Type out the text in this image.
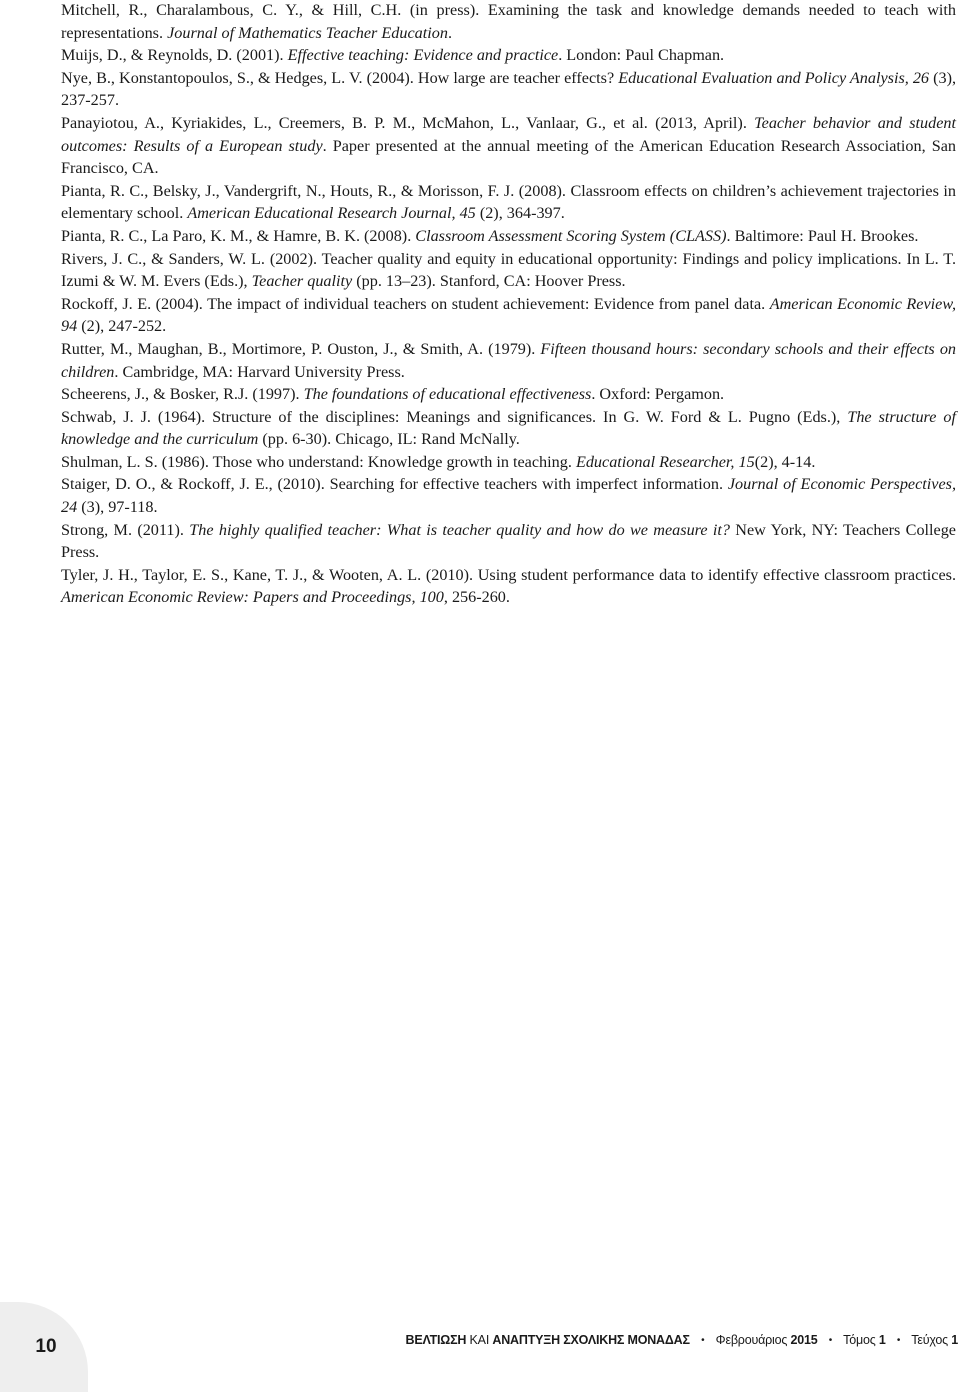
Mitchell, R., Charalambous, C. Y., & Hill, C.H. (in press). Examining the task and knowledge demands needed to teach with representations. Journal of Mathematics Teacher Education.

Muijs, D., & Reynolds, D. (2001). Effective teaching: Evidence and practice. London: Paul Chapman.

Nye, B., Konstantopoulos, S., & Hedges, L. V. (2004). How large are teacher effects? Educational Evaluation and Policy Analysis, 26 (3), 237-257.

Panayiotou, A., Kyriakides, L., Creemers, B. P. M., McMahon, L., Vanlaar, G., et al. (2013, April). Teacher behavior and student outcomes: Results of a European study. Paper presented at the annual meeting of the American Education Research Association, San Francisco, CA.

Pianta, R. C., Belsky, J., Vandergrift, N., Houts, R., & Morisson, F. J. (2008). Classroom effects on children’s achievement trajectories in elementary school. American Educational Research Journal, 45 (2), 364-397.

Pianta, R. C., La Paro, K. M., & Hamre, B. K. (2008). Classroom Assessment Scoring System (CLASS). Baltimore: Paul H. Brookes.

Rivers, J. C., & Sanders, W. L. (2002). Teacher quality and equity in educational opportunity: Findings and policy implications. In L. T. Izumi & W. M. Evers (Eds.), Teacher quality (pp. 13–23). Stanford, CA: Hoover Press.

Rockoff, J. E. (2004). The impact of individual teachers on student achievement: Evidence from panel data. American Economic Review, 94 (2), 247-252.

Rutter, M., Maughan, B., Mortimore, P. Ouston, J., & Smith, A. (1979). Fifteen thousand hours: secondary schools and their effects on children. Cambridge, MA: Harvard University Press.

Scheerens, J., & Bosker, R.J. (1997). The foundations of educational effectiveness. Oxford: Pergamon.

Schwab, J. J. (1964). Structure of the disciplines: Meanings and significances. In G. W. Ford & L. Pugno (Eds.), The structure of knowledge and the curriculum (pp. 6-30). Chicago, IL: Rand McNally.

Shulman, L. S. (1986). Those who understand: Knowledge growth in teaching. Educational Researcher, 15(2), 4-14.

Staiger, D. O., & Rockoff, J. E., (2010). Searching for effective teachers with imperfect information. Journal of Economic Perspectives, 24 (3), 97-118.

Strong, M. (2011). The highly qualified teacher: What is teacher quality and how do we measure it? New York, NY: Teachers College Press.

Tyler, J. H., Taylor, E. S., Kane, T. J., & Wooten, A. L. (2010). Using student performance data to identify effective classroom practices. American Economic Review: Papers and Proceedings, 100, 256-260.

10	ΒΕΛΤΙΩΣΗ ΚΑΙ ΑΝΑΠΤΥΞΗ ΣΧΟΛΙΚΗΣ ΜΟΝΑΔΑΣ • Φεβρουάριος 2015 • Τόμος 1 • Τεύχος 1
